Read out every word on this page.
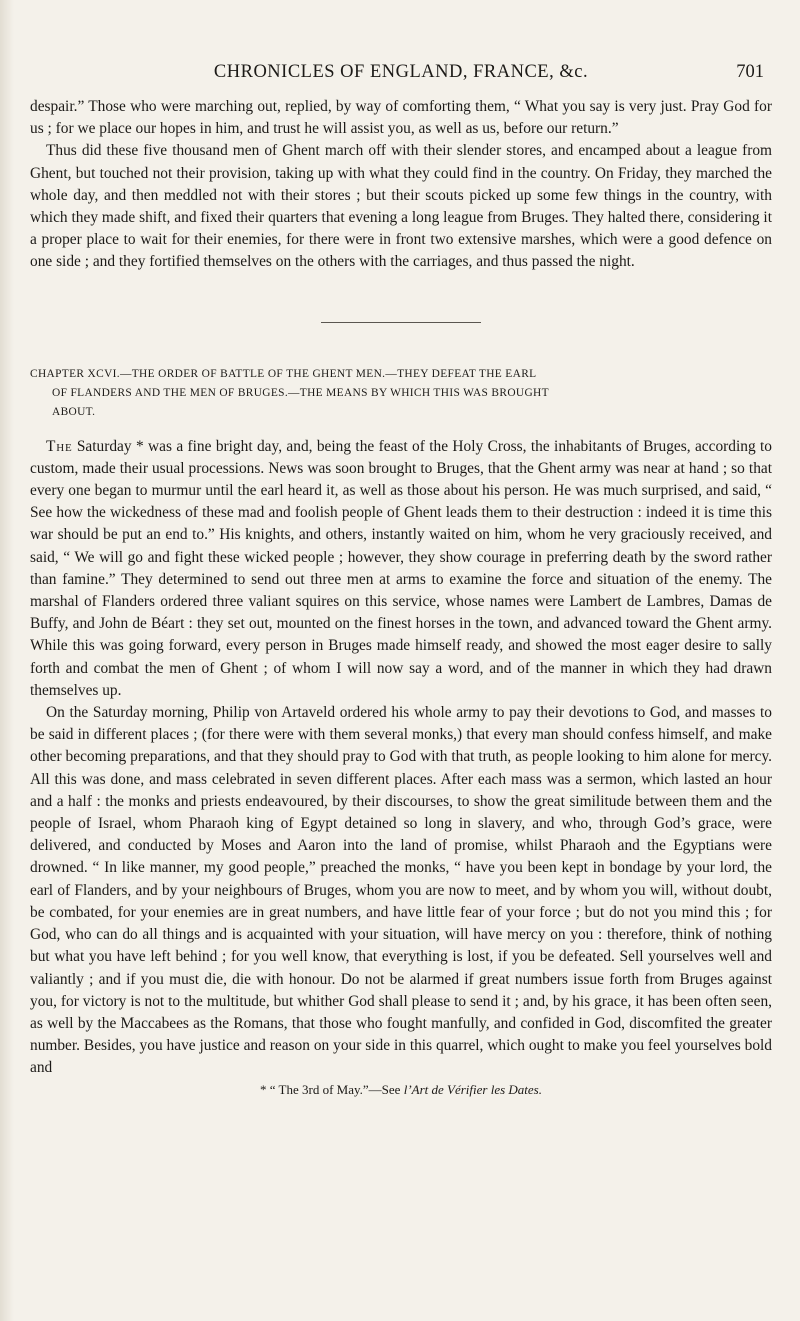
CHRONICLES OF ENGLAND, FRANCE, &c.	701

despair.” Those who were marching out, replied, by way of comforting them, “ What you say is very just. Pray God for us ; for we place our hopes in him, and trust he will assist you, as well as us, before our return.”

Thus did these five thousand men of Ghent march off with their slender stores, and encamped about a league from Ghent, but touched not their provision, taking up with what they could find in the country. On Friday, they marched the whole day, and then meddled not with their stores ; but their scouts picked up some few things in the country, with which they made shift, and fixed their quarters that evening a long league from Bruges. They halted there, considering it a proper place to wait for their enemies, for there were in front two extensive marshes, which were a good defence on one side ; and they fortified themselves on the others with the carriages, and thus passed the night.

CHAPTER XCVI.—THE ORDER OF BATTLE OF THE GHENT MEN.—THEY DEFEAT THE EARL
OF FLANDERS AND THE MEN OF BRUGES.—THE MEANS BY WHICH THIS WAS BROUGHT
ABOUT.

The Saturday * was a fine bright day, and, being the feast of the Holy Cross, the inhabitants of Bruges, according to custom, made their usual processions. News was soon brought to Bruges, that the Ghent army was near at hand ; so that every one began to murmur until the earl heard it, as well as those about his person. He was much surprised, and said, “ See how the wickedness of these mad and foolish people of Ghent leads them to their destruction : indeed it is time this war should be put an end to.” His knights, and others, instantly waited on him, whom he very graciously received, and said, “ We will go and fight these wicked people ; however, they show courage in preferring death by the sword rather than famine.” They determined to send out three men at arms to examine the force and situation of the enemy. The marshal of Flanders ordered three valiant squires on this service, whose names were Lambert de Lambres, Damas de Buffy, and John de Béart : they set out, mounted on the finest horses in the town, and advanced toward the Ghent army. While this was going forward, every person in Bruges made himself ready, and showed the most eager desire to sally forth and combat the men of Ghent ; of whom I will now say a word, and of the manner in which they had drawn themselves up.

On the Saturday morning, Philip von Artaveld ordered his whole army to pay their devotions to God, and masses to be said in different places ; (for there were with them several monks,) that every man should confess himself, and make other becoming preparations, and that they should pray to God with that truth, as people looking to him alone for mercy. All this was done, and mass celebrated in seven different places. After each mass was a sermon, which lasted an hour and a half : the monks and priests endeavoured, by their discourses, to show the great similitude between them and the people of Israel, whom Pharaoh king of Egypt detained so long in slavery, and who, through God’s grace, were delivered, and conducted by Moses and Aaron into the land of promise, whilst Pharaoh and the Egyptians were drowned. “ In like manner, my good people,” preached the monks, “ have you been kept in bondage by your lord, the earl of Flanders, and by your neighbours of Bruges, whom you are now to meet, and by whom you will, without doubt, be combated, for your enemies are in great numbers, and have little fear of your force ; but do not you mind this ; for God, who can do all things and is acquainted with your situation, will have mercy on you : therefore, think of nothing but what you have left behind ; for you well know, that everything is lost, if you be defeated. Sell yourselves well and valiantly ; and if you must die, die with honour. Do not be alarmed if great numbers issue forth from Bruges against you, for victory is not to the multitude, but whither God shall please to send it ; and, by his grace, it has been often seen, as well by the Maccabees as the Romans, that those who fought manfully, and confided in God, discomfited the greater number. Besides, you have justice and reason on your side in this quarrel, which ought to make you feel yourselves bold and

* “ The 3rd of May.”—See l’Art de Vérifier les Dates.
